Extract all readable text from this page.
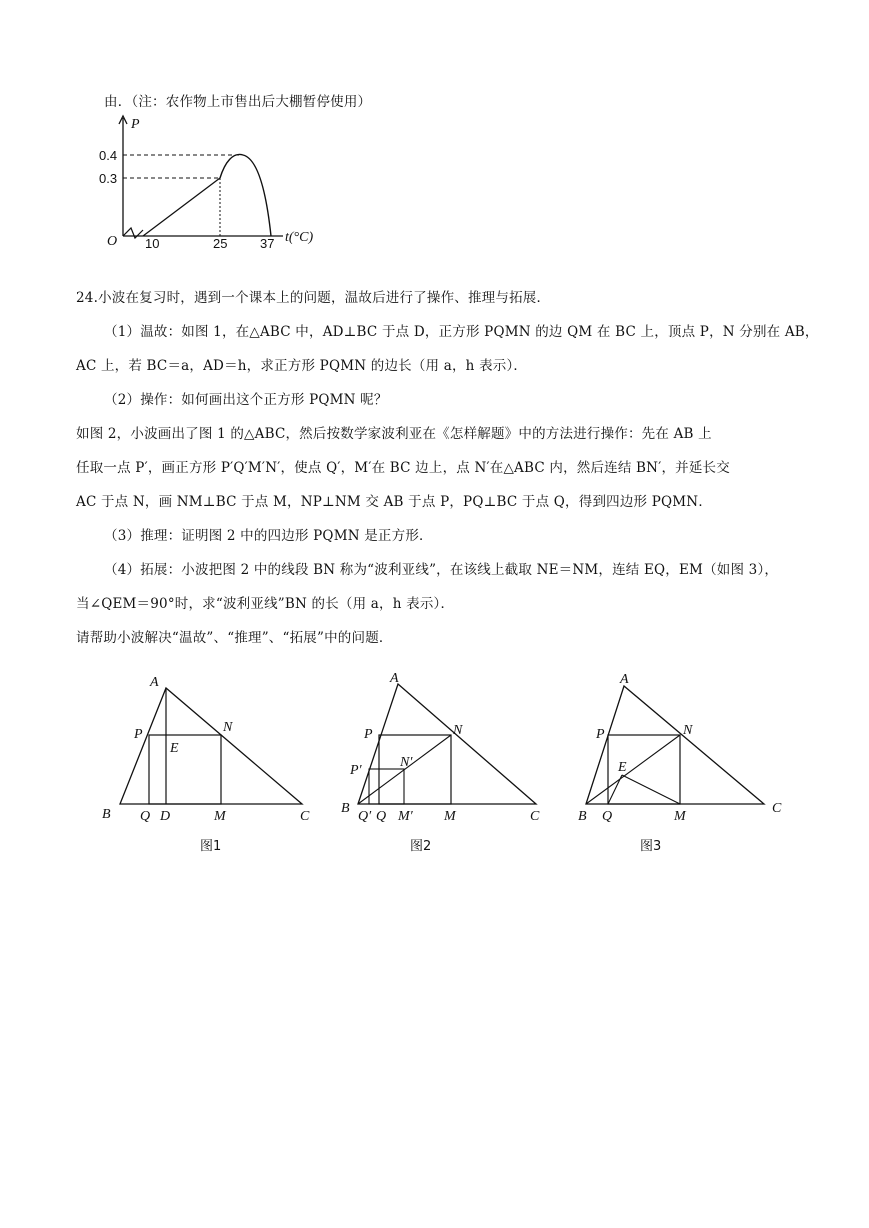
由．（注：农作物上市售出后大棚暂停使用）
P
t(°C)
O
0.4
0.3
10	25	37
24.小波在复习时，遇到一个课本上的问题，温故后进行了操作、推理与拓展．
（1）温故：如图 1，在△ABC 中，AD⊥BC 于点 D，正方形 PQMN 的边 QM 在 BC 上，顶点 P，N 分别在 AB，
AC 上，若 BC＝a，AD＝h，求正方形 PQMN 的边长（用 a，h 表示）．
（2）操作：如何画出这个正方形 PQMN 呢？
如图 2，小波画出了图 1 的△ABC，然后按数学家波利亚在《怎样解题》中的方法进行操作：先在 AB 上
任取一点 P′，画正方形 P′Q′M′N′，使点 Q′，M′在 BC 边上，点 N′在△ABC 内，然后连结 BN′，并延长交
AC 于点 N，画 NM⊥BC 于点 M，NP⊥NM 交 AB 于点 P，PQ⊥BC 于点 Q，得到四边形 PQMN．
（3）推理：证明图 2 中的四边形 PQMN 是正方形．
（4）拓展：小波把图 2 中的线段 BN 称为“波利亚线”，在该线上截取 NE＝NM，连结 EQ，EM（如图 3），
当∠QEM＝90°时，求“波利亚线”BN 的长（用 a，h 表示）．
请帮助小波解决“温故”、“推理”、“拓展”中的问题．
A
P
E
N
B Q D	M	C
图1
A
P	N
P′
N′
B
Q′ Q M′ M	C
图2
A
P	N
E
B Q	M
C
图3
